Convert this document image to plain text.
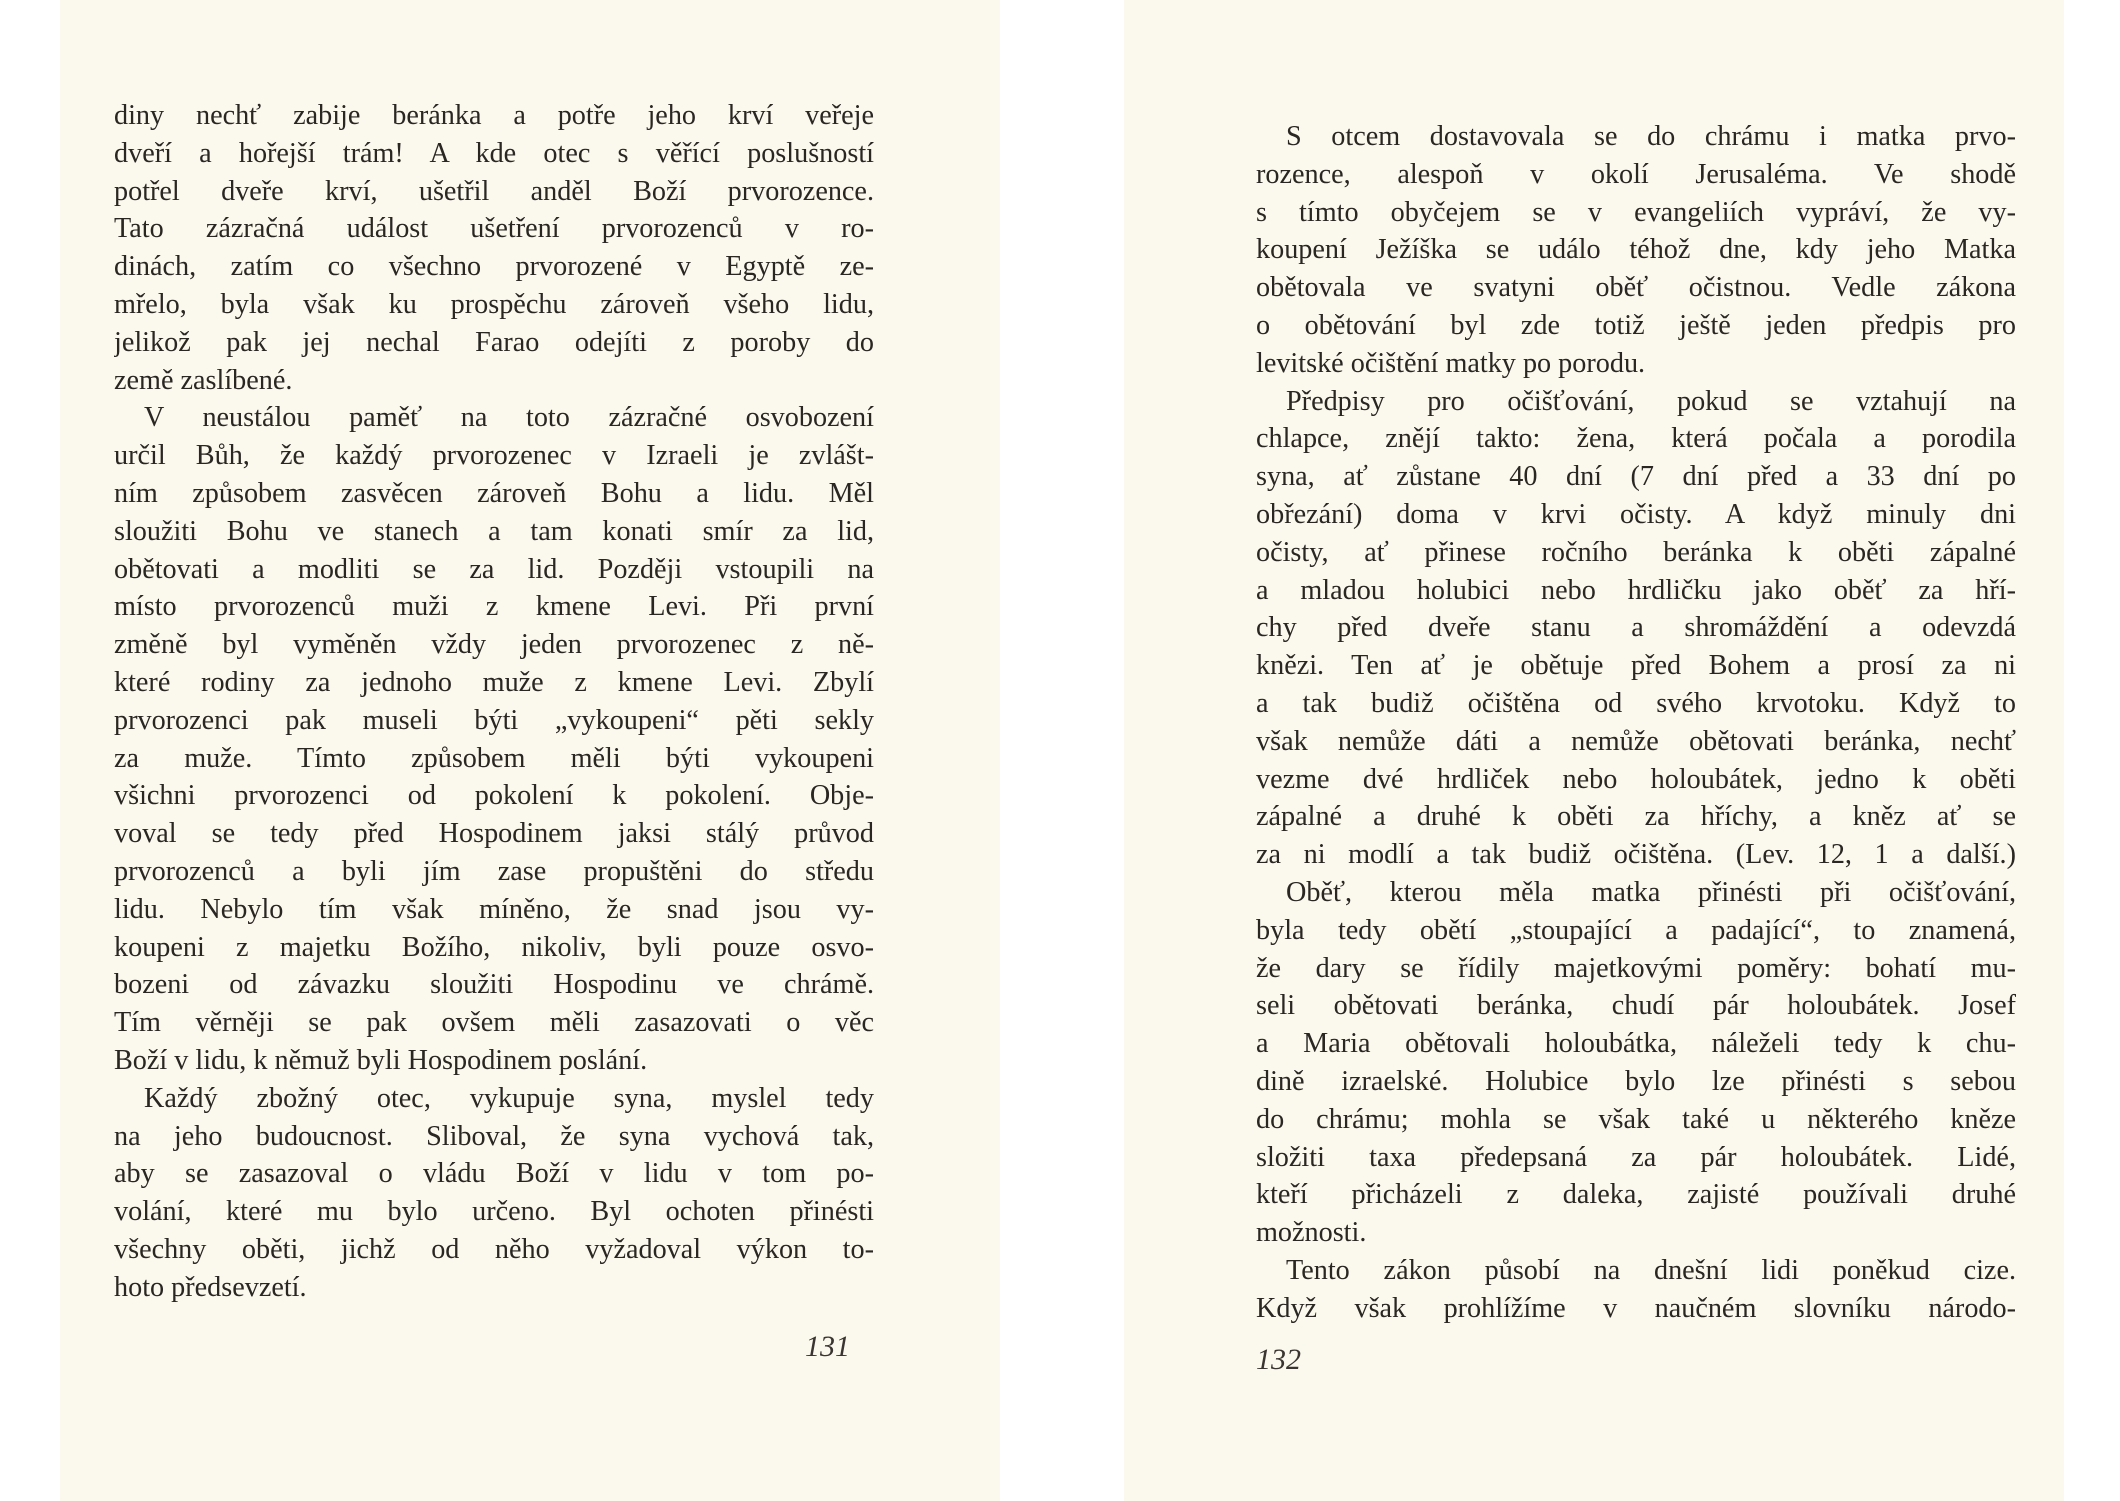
diny nechť zabije beránka a potře jeho krví veřeje
dveří a hořejší trám! A kde otec s věřící poslušností
potřel dveře krví, ušetřil anděl Boží prvorozence.
Tato zázračná událost ušetření prvorozenců v ro-
dinách, zatím co všechno prvorozené v Egyptě ze-
mřelo, byla však ku prospěchu zároveň všeho lidu,
jelikož pak jej nechal Farao odejíti z poroby do
země zaslíbené.
V neustálou paměť na toto zázračné osvobození
určil Bůh, že každý prvorozenec v Izraeli je zvlášt-
ním způsobem zasvěcen zároveň Bohu a lidu. Měl
sloužiti Bohu ve stanech a tam konati smír za lid,
obětovati a modliti se za lid. Později vstoupili na
místo prvorozenců muži z kmene Levi. Při první
změně byl vyměněn vždy jeden prvorozenec z ně-
které rodiny za jednoho muže z kmene Levi. Zbylí
prvorozenci pak museli býti „vykoupeni“ pěti sekly
za muže. Tímto způsobem měli býti vykoupeni
všichni prvorozenci od pokolení k pokolení. Obje-
voval se tedy před Hospodinem jaksi stálý průvod
prvorozenců a byli jím zase propuštěni do středu
lidu. Nebylo tím však míněno, že snad jsou vy-
koupeni z majetku Božího, nikoliv, byli pouze osvo-
bozeni od závazku sloužiti Hospodinu ve chrámě.
Tím věrněji se pak ovšem měli zasazovati o věc
Boží v lidu, k němuž byli Hospodinem poslání.
Každý zbožný otec, vykupuje syna, myslel tedy
na jeho budoucnost. Sliboval, že syna vychová tak,
aby se zasazoval o vládu Boží v lidu v tom po-
volání, které mu bylo určeno. Byl ochoten přinésti
všechny oběti, jichž od něho vyžadoval výkon to-
hoto předsevzetí.
131
S otcem dostavovala se do chrámu i matka prvo-
rozence, alespoň v okolí Jerusaléma. Ve shodě
s tímto obyčejem se v evangeliích vypráví, že vy-
koupení Ježíška se událo téhož dne, kdy jeho Matka
obětovala ve svatyni oběť očistnou. Vedle zákona
o obětování byl zde totiž ještě jeden předpis pro
levitské očištění matky po porodu.
Předpisy pro očišťování, pokud se vztahují na
chlapce, znějí takto: žena, která počala a porodila
syna, ať zůstane 40 dní (7 dní před a 33 dní po
obřezání) doma v krvi očisty. A když minuly dni
očisty, ať přinese ročního beránka k oběti zápalné
a mladou holubici nebo hrdličku jako oběť za hří-
chy před dveře stanu a shromáždění a odevzdá
knězi. Ten ať je obětuje před Bohem a prosí za ni
a tak budiž očištěna od svého krvotoku. Když to
však nemůže dáti a nemůže obětovati beránka, nechť
vezme dvé hrdliček nebo holoubátek, jedno k oběti
zápalné a druhé k oběti za hříchy, a kněz ať se
za ni modlí a tak budiž očištěna. (Lev. 12, 1 a další.)
Oběť, kterou měla matka přinésti při očišťování,
byla tedy obětí „stoupající a padající“, to znamená,
že dary se řídily majetkovými poměry: bohatí mu-
seli obětovati beránka, chudí pár holoubátek. Josef
a Maria obětovali holoubátka, náleželi tedy k chu-
dině izraelské. Holubice bylo lze přinésti s sebou
do chrámu; mohla se však také u některého kněze
složiti taxa předepsaná za pár holoubátek. Lidé,
kteří přicházeli z daleka, zajisté používali druhé
možnosti.
Tento zákon působí na dnešní lidi poněkud cize.
Když však prohlížíme v naučném slovníku národo-
132
